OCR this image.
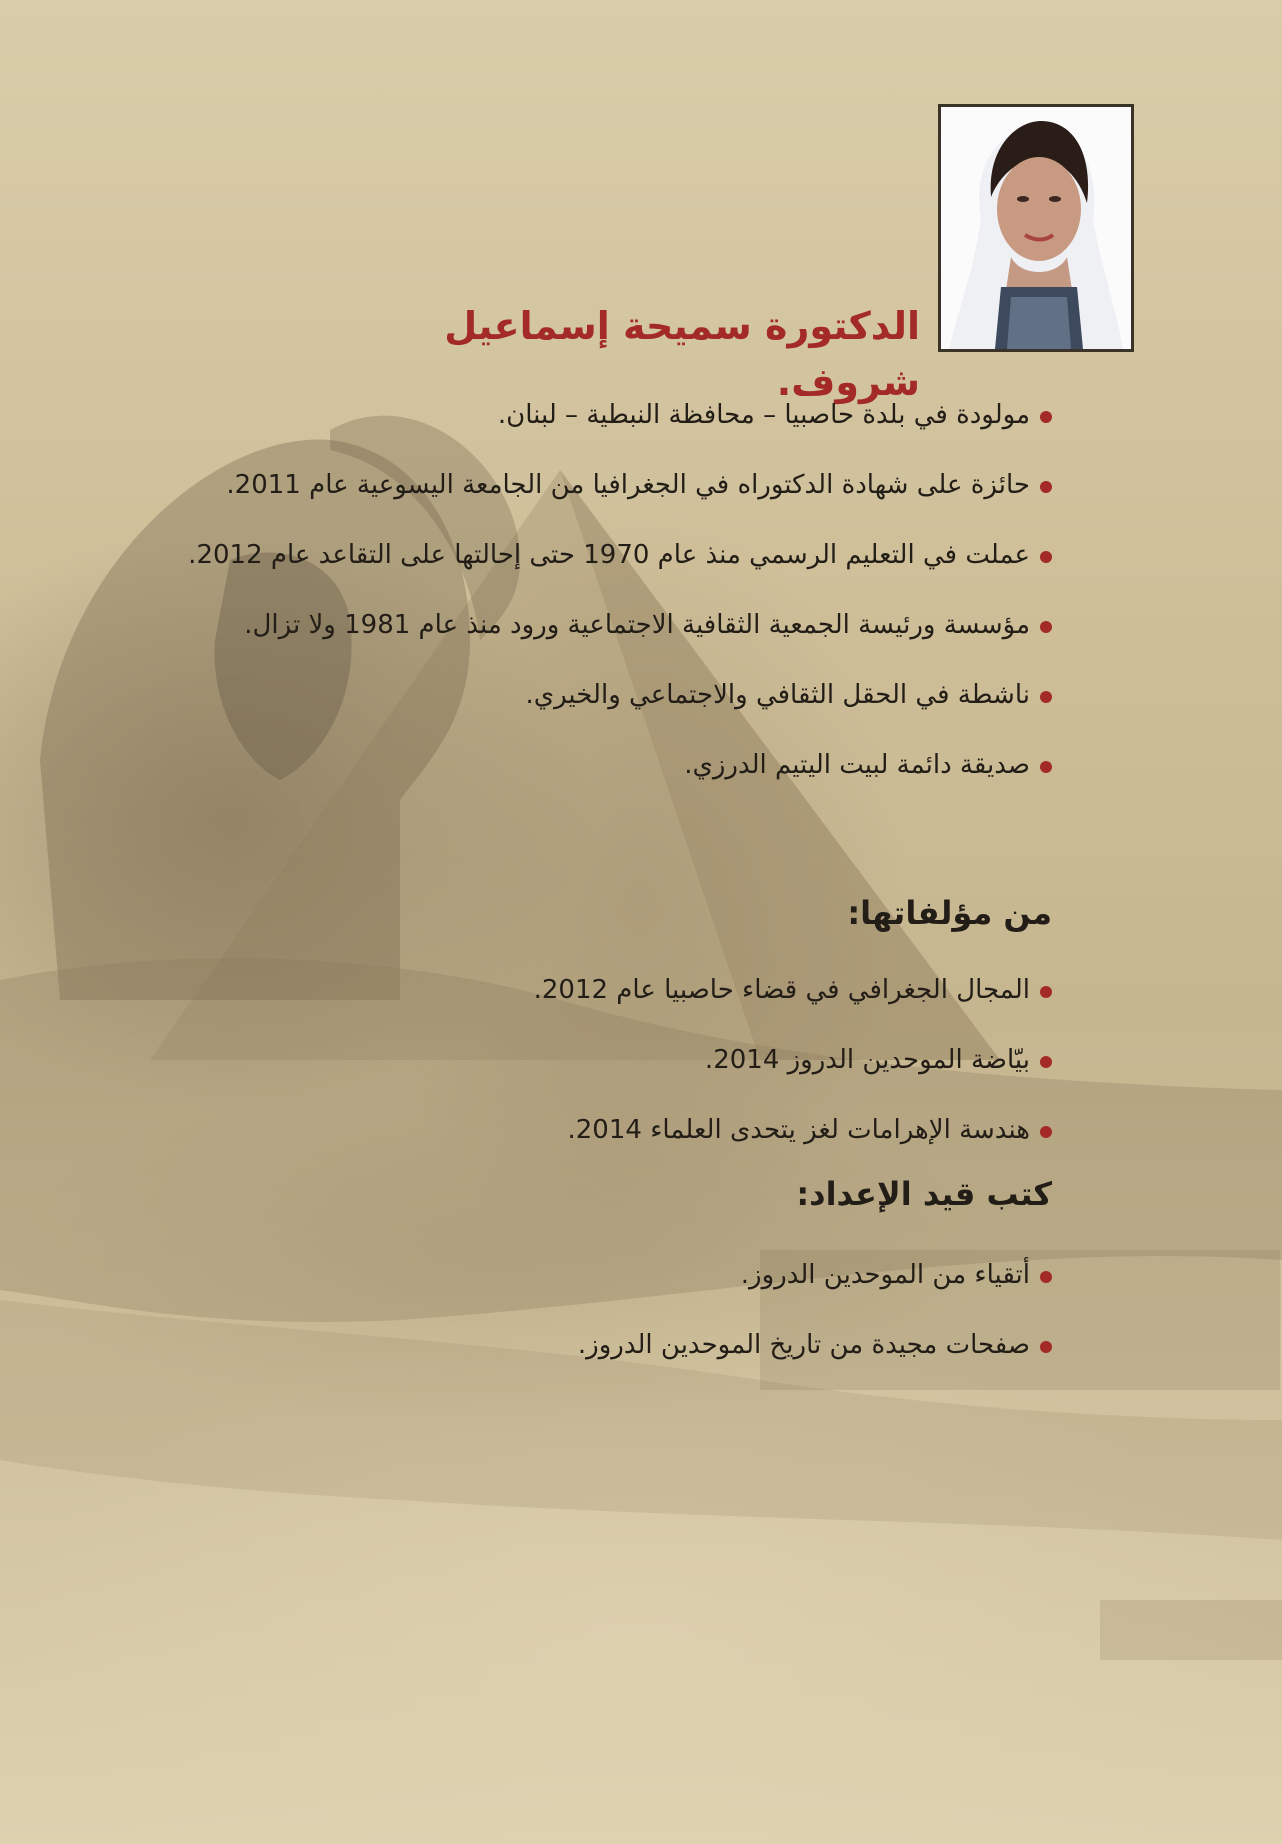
الدكتورة سميحة إسماعيل شروف.
مولودة في بلدة حاصبيا – محافظة النبطية – لبنان.
حائزة على شهادة الدكتوراه في الجغرافيا من الجامعة اليسوعية عام 2011.
عملت في التعليم الرسمي منذ عام 1970 حتى إحالتها على التقاعد عام 2012.
مؤسسة ورئيسة الجمعية الثقافية الاجتماعية ورود منذ عام 1981 ولا تزال.
ناشطة في الحقل الثقافي والاجتماعي والخيري.
صديقة دائمة لبيت اليتيم الدرزي.
من مؤلفاتها:
المجال الجغرافي في قضاء حاصبيا عام 2012.
بيّاضة الموحدين الدروز 2014.
هندسة الإهرامات لغز يتحدى العلماء 2014.
كتب قيد الإعداد:
أتقياء من الموحدين الدروز.
صفحات مجيدة من تاريخ الموحدين الدروز.
